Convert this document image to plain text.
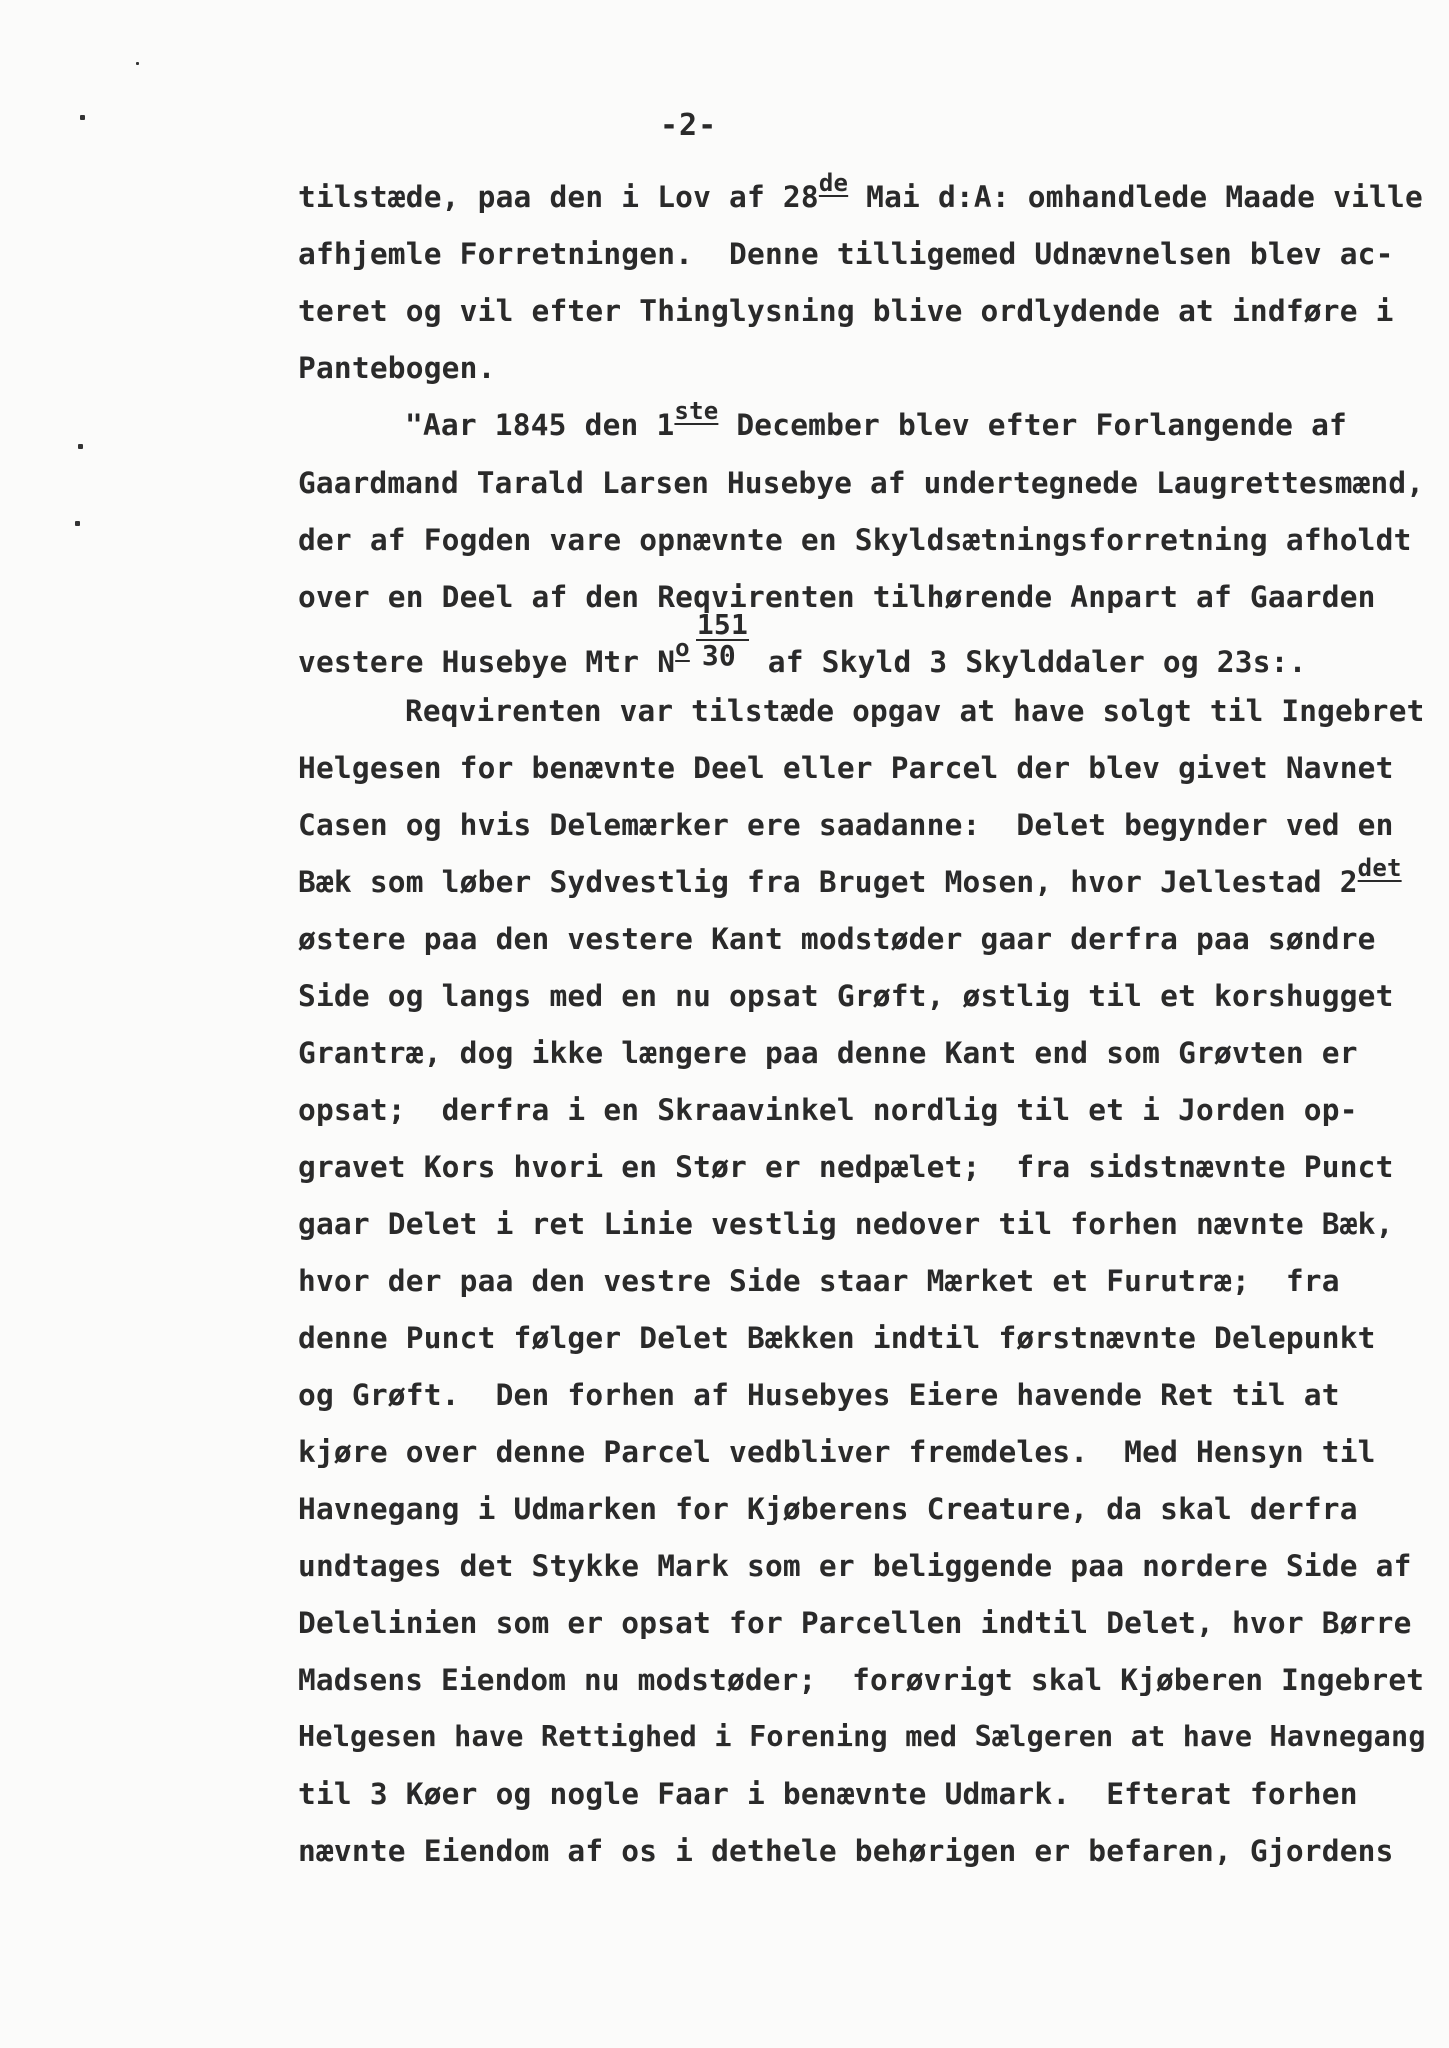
-2-
tilstæde, paa den i Lov af 28de Mai d:A: omhandlede Maade ville
afhjemle Forretningen.  Denne tilligemed Udnævnelsen blev ac-
teret og vil efter Thinglysning blive ordlydende at indføre i
Pantebogen.
"Aar 1845 den 1ste December blev efter Forlangende af
Gaardmand Tarald Larsen Husebye af undertegnede Laugrettesmænd,
der af Fogden vare opnævnte en Skyldsætningsforretning afholdt
over en Deel af den Reqvirenten tilhørende Anpart af Gaarden
vestere Husebye Mtr No $\frac{151}{30}$ af Skyld 3 Skylddaler og 23s:.
Reqvirenten var tilstæde opgav at have solgt til Ingebret
Helgesen for benævnte Deel eller Parcel der blev givet Navnet
Casen og hvis Delemærker ere saadanne:  Delet begynder ved en
Bæk som løber Sydvestlig fra Bruget Mosen, hvor Jellestad 2det
østere paa den vestere Kant modstøder gaar derfra paa søndre
Side og langs med en nu opsat Grøft, østlig til et korshugget
Grantræ, dog ikke længere paa denne Kant end som Grøvten er
opsat;  derfra i en Skraavinkel nordlig til et i Jorden op-
gravet Kors hvori en Stør er nedpælet;  fra sidstnævnte Punct
gaar Delet i ret Linie vestlig nedover til forhen nævnte Bæk,
hvor der paa den vestre Side staar Mærket et Furutræ;  fra
denne Punct følger Delet Bækken indtil førstnævnte Delepunkt
og Grøft.  Den forhen af Husebyes Eiere havende Ret til at
kjøre over denne Parcel vedbliver fremdeles.  Med Hensyn til
Havnegang i Udmarken for Kjøberens Creature, da skal derfra
undtages det Stykke Mark som er beliggende paa nordere Side af
Delelinien som er opsat for Parcellen indtil Delet, hvor Børre
Madsens Eiendom nu modstøder;  forøvrigt skal Kjøberen Ingebret
Helgesen have Rettighed i Forening med Sælgeren at have Havnegang
til 3 Køer og nogle Faar i benævnte Udmark.  Efterat forhen
nævnte Eiendom af os i dethele behørigen er befaren, Gjordens
